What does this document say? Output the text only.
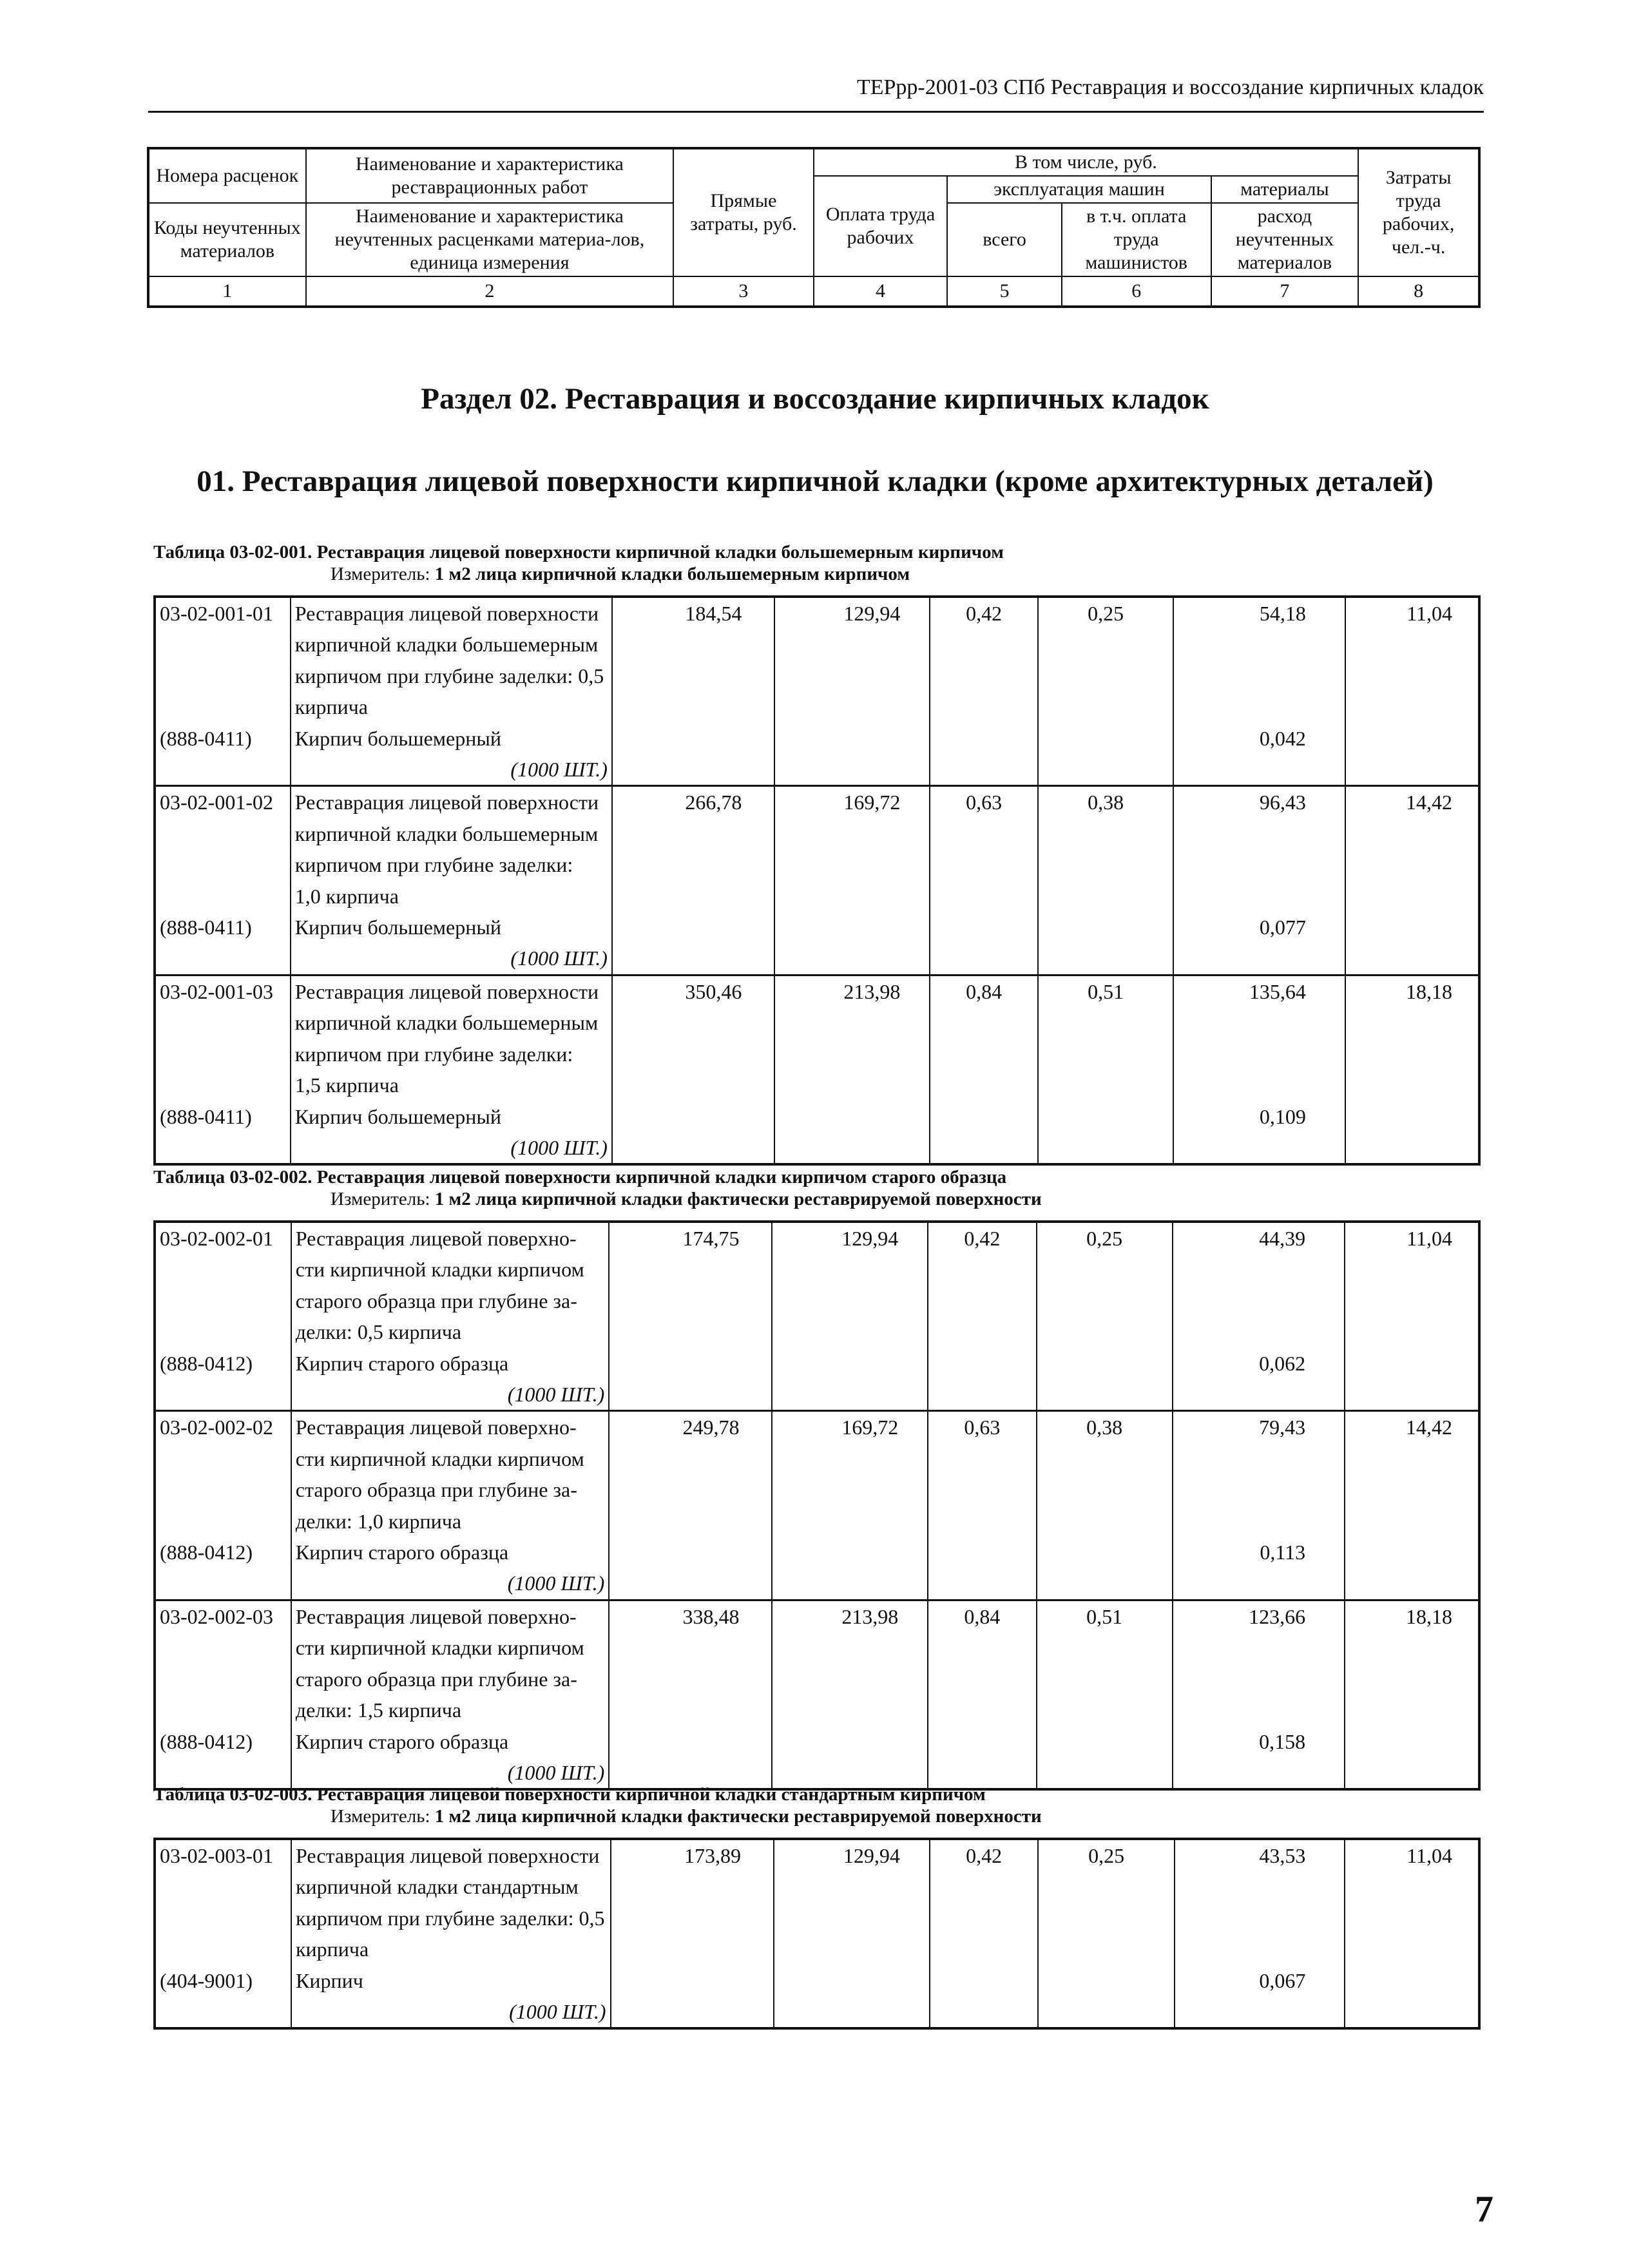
ТЕРрр-2001-03 СПб Реставрация и воссоздание кирпичных кладок
Номера расценок	Наименование и характеристика реставрационных работ	Прямые затраты, руб.	В том числе, руб.				Затраты труда рабочих, чел.-ч.
			Оплата труда рабочих	эксплуатация машин		материалы	
Коды неучтенных материалов	Наименование и характеристика неучтенных расценками материа-лов, единица измерения			всего	в т.ч. оплата труда машинистов	расход неучтенных материалов	

1	2	3	4	5	6	7	8
Раздел 02. Реставрация и воссоздание кирпичных кладок
01. Реставрация лицевой поверхности кирпичной кладки (кроме архитектурных деталей)
Таблица 03-02-001. Реставрация лицевой поверхности кирпичной кладки большемерным кирпичом
Измеритель: 1 м2 лица кирпичной кладки большемерным кирпичом
03-02-001-01	Реставрация лицевой поверхности
кирпичной кладки большемерным
кирпичом при глубине заделки: 0,5
кирпича	184,54	129,94	0,42	0,25	54,18	11,04
(888-0411)	Кирпич большемерный					0,042	
	(1000 ШТ.)						
03-02-001-02	Реставрация лицевой поверхности
кирпичной кладки большемерным
кирпичом при глубине заделки:
1,0 кирпича	266,78	169,72	0,63	0,38	96,43	14,42
(888-0411)	Кирпич большемерный					0,077	
	(1000 ШТ.)						
03-02-001-03	Реставрация лицевой поверхности
кирпичной кладки большемерным
кирпичом при глубине заделки:
1,5 кирпича	350,46	213,98	0,84	0,51	135,64	18,18
(888-0411)	Кирпич большемерный					0,109	
	(1000 ШТ.)						
Таблица 03-02-002. Реставрация лицевой поверхности кирпичной кладки кирпичом старого образца
Измеритель: 1 м2 лица кирпичной кладки фактически реставрируемой поверхности
03-02-002-01	Реставрация лицевой поверхно-
сти кирпичной кладки кирпичом
старого образца при глубине за-
делки: 0,5 кирпича	174,75	129,94	0,42	0,25	44,39	11,04
(888-0412)	Кирпич старого образца					0,062	
	(1000 ШТ.)						
03-02-002-02	Реставрация лицевой поверхно-
сти кирпичной кладки кирпичом
старого образца при глубине за-
делки: 1,0 кирпича	249,78	169,72	0,63	0,38	79,43	14,42
(888-0412)	Кирпич старого образца					0,113	
	(1000 ШТ.)						
03-02-002-03	Реставрация лицевой поверхно-
сти кирпичной кладки кирпичом
старого образца при глубине за-
делки: 1,5 кирпича	338,48	213,98	0,84	0,51	123,66	18,18
(888-0412)	Кирпич старого образца					0,158	
	(1000 ШТ.)						
Таблица 03-02-003. Реставрация лицевой поверхности кирпичной кладки стандартным кирпичом
Измеритель: 1 м2 лица кирпичной кладки фактически реставрируемой поверхности
03-02-003-01	Реставрация лицевой поверхности
кирпичной кладки стандартным
кирпичом при глубине заделки: 0,5
кирпича	173,89	129,94	0,42	0,25	43,53	11,04
(404-9001)	Кирпич					0,067	
	(1000 ШТ.)						
7
